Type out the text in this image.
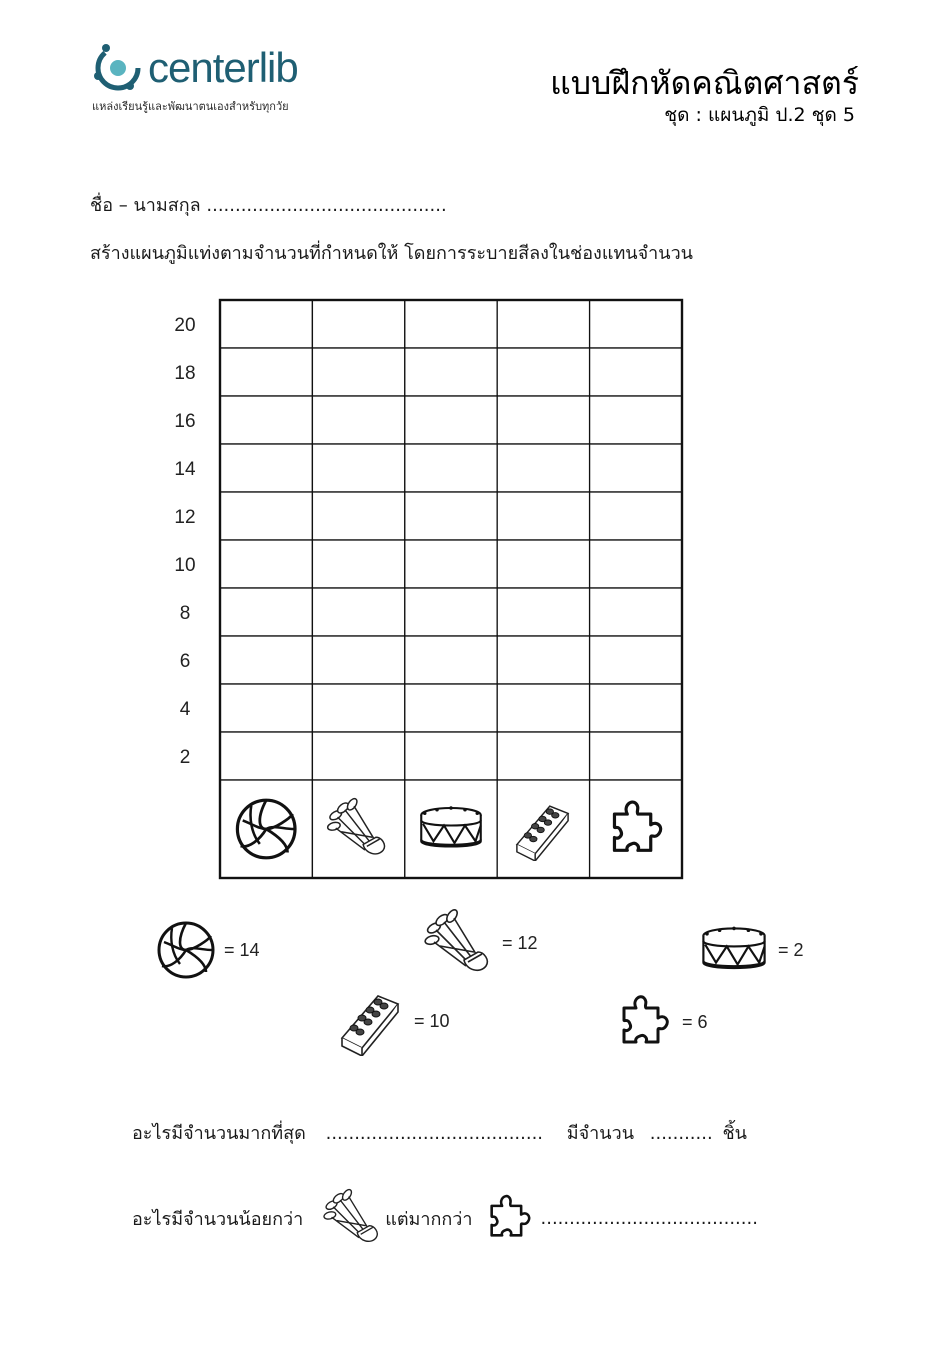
centerlib
แหล่งเรียนรู้และพัฒนาตนเองสำหรับทุกวัย
แบบฝึกหัดคณิตศาสตร์
ชุด : แผนภูมิ ป.2 ชุด 5
ชื่อ – นามสกุล ..........................................
สร้างแผนภูมิแท่งตามจำนวนที่กำหนดให้ โดยการระบายสีลงในช่องแทนจำนวน
20
18
16
14
12
10
8
6
4
2
= 14	= 12	= 2
= 10	= 6
อะไรมีจำนวนมากที่สุด ...................................... มีจำนวน ........... ชิ้น
อะไรมีจำนวนน้อยกว่า	แต่มากกว่า	......................................
